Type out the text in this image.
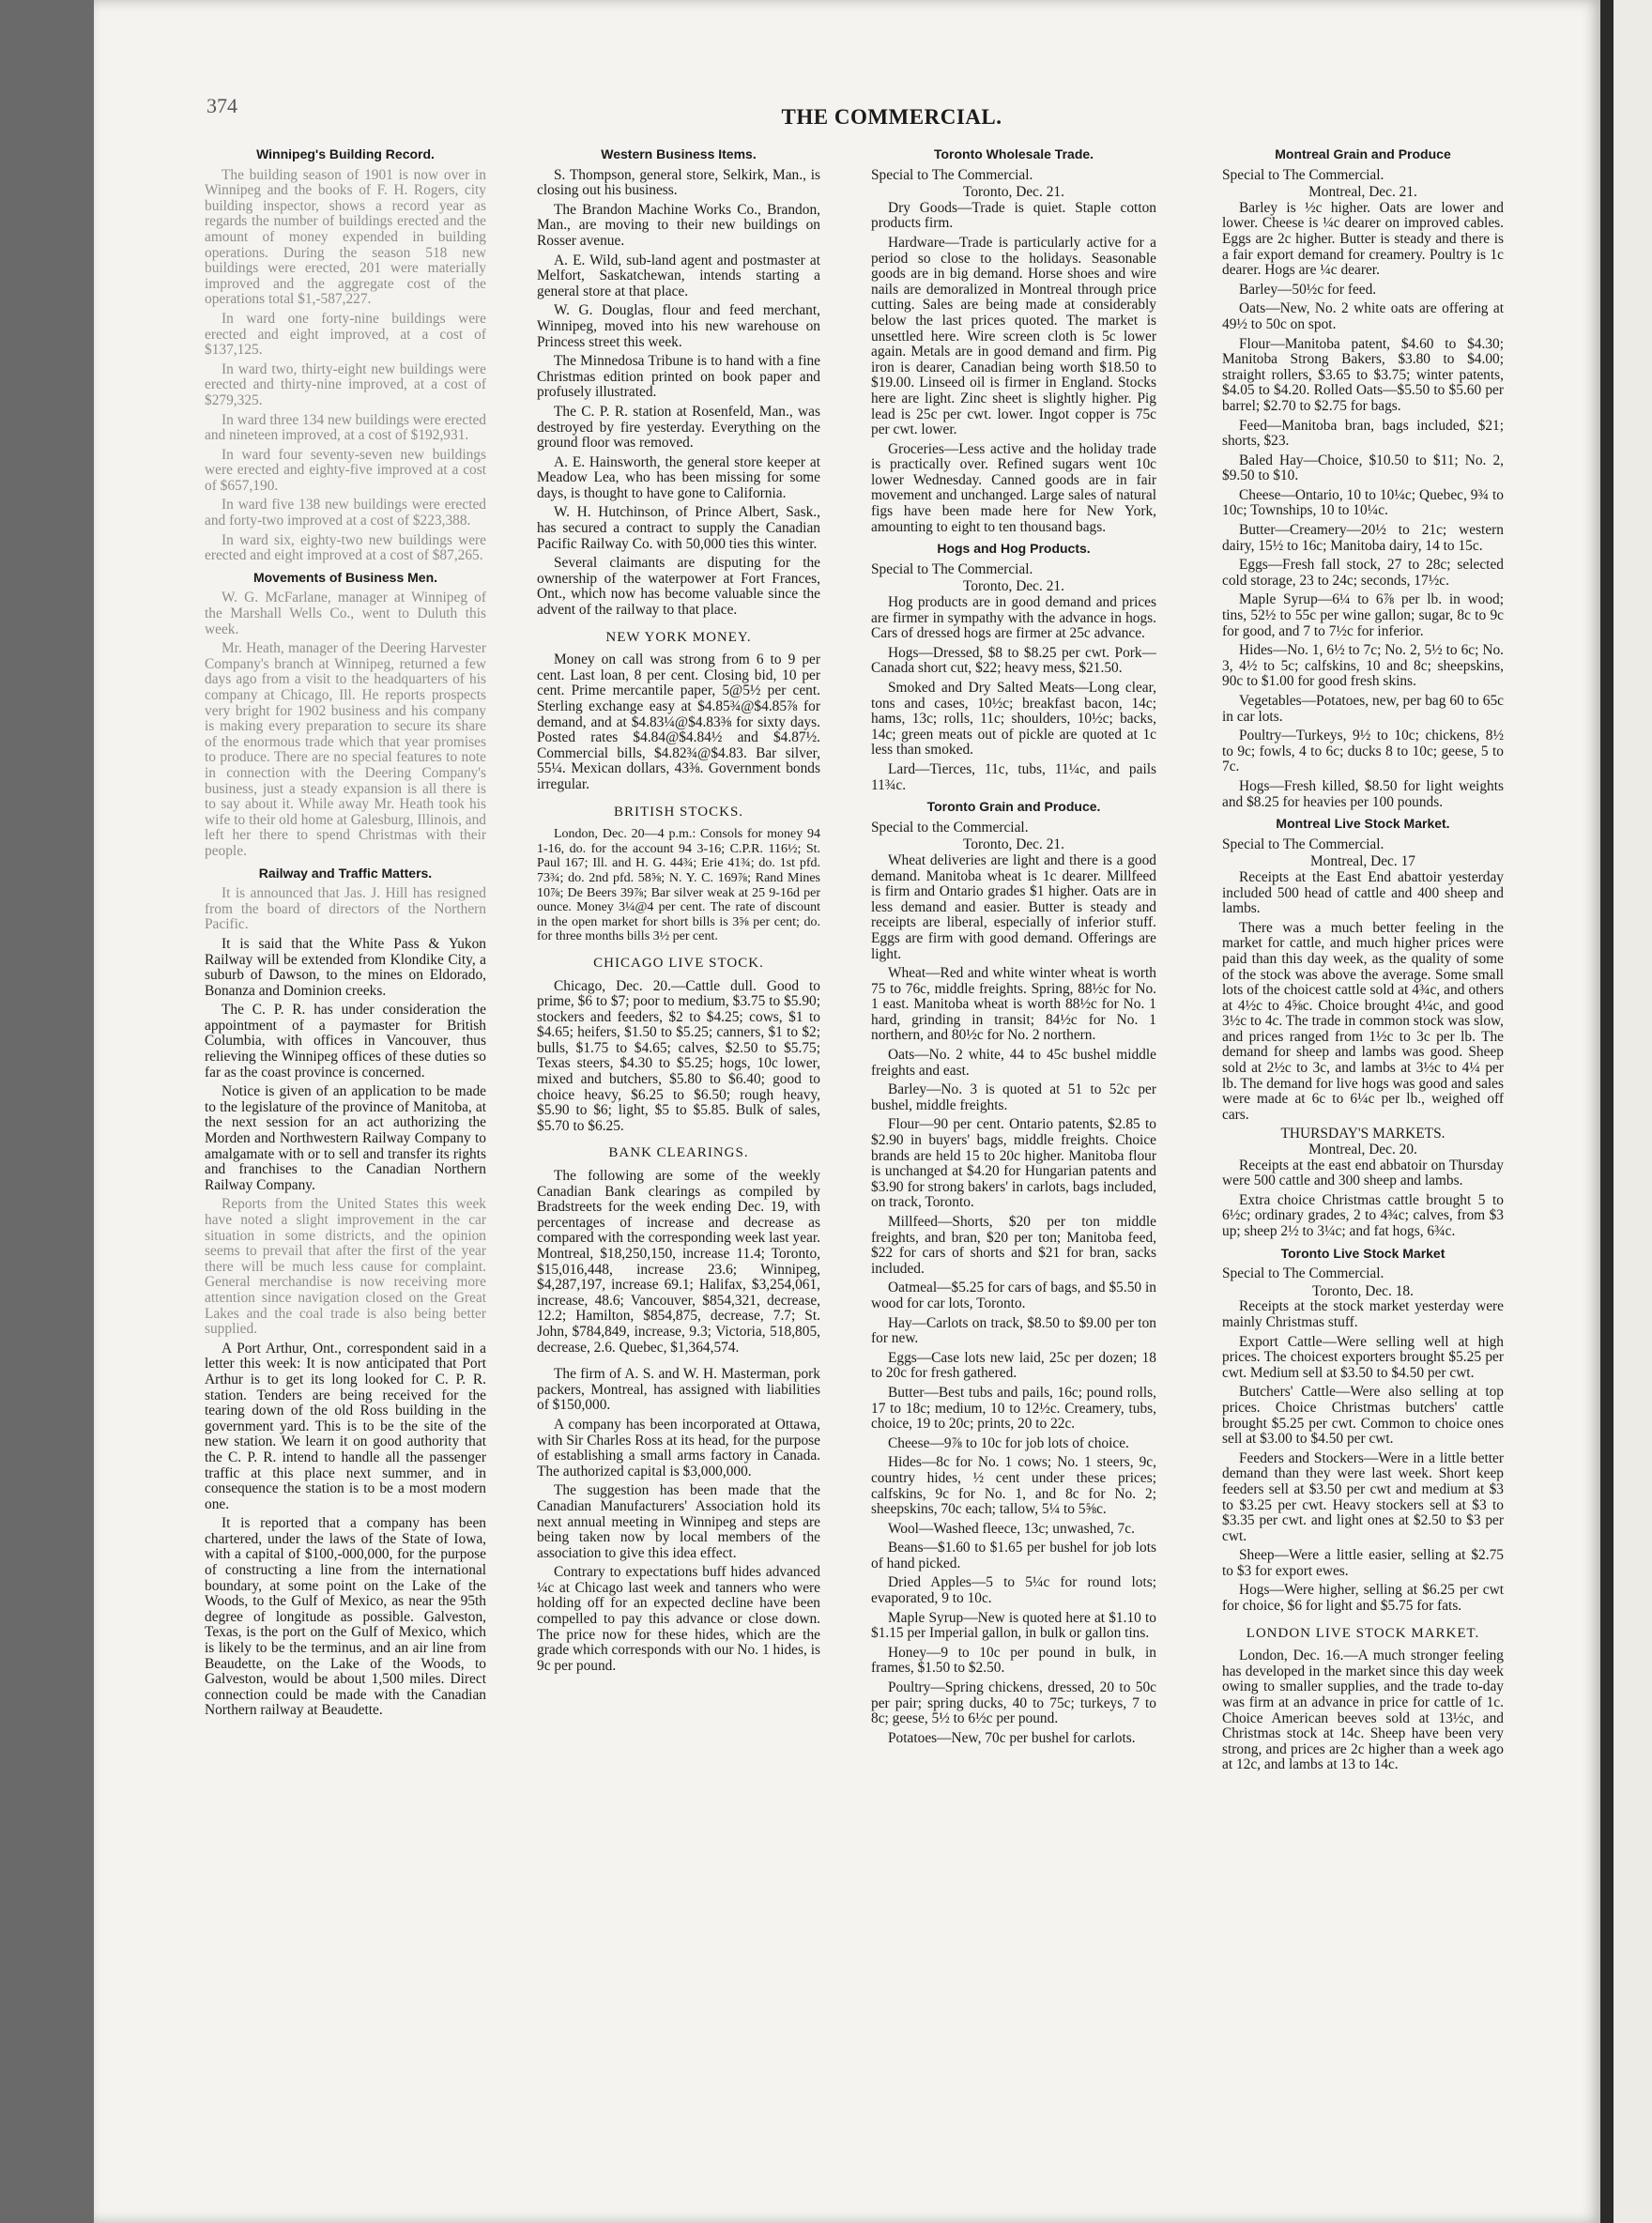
374	THE COMMERCIAL.
Winnipeg's Building Record.

The building season of 1901 is now over in Winnipeg and the books of F. H. Rogers, city building inspector, shows a record year as regards the number of buildings erected and the amount of money expended in building operations. During the season 518 new buildings were erected, 201 were materially improved and the aggregate cost of the operations total $1,-587,227.

In ward one forty-nine buildings were erected and eight improved, at a cost of $137,125.

In ward two, thirty-eight new buildings were erected and thirty-nine improved, at a cost of $279,325.

In ward three 134 new buildings were erected and nineteen improved, at a cost of $192,931.

In ward four seventy-seven new buildings were erected and eighty-five improved at a cost of $657,190.

In ward five 138 new buildings were erected and forty-two improved at a cost of $223,388.

In ward six, eighty-two new buildings were erected and eight improved at a cost of $87,265.

Movements of Business Men.

W. G. McFarlane, manager at Winnipeg of the Marshall Wells Co., went to Duluth this week.

Mr. Heath, manager of the Deering Harvester Company's branch at Winnipeg, returned a few days ago from a visit to the headquarters of his company at Chicago, Ill. He reports prospects very bright for 1902 business and his company is making every preparation to secure its share of the enormous trade which that year promises to produce. There are no special features to note in connection with the Deering Company's business, just a steady expansion is all there is to say about it. While away Mr. Heath took his wife to their old home at Galesburg, Illinois, and left her there to spend Christmas with their people.

Railway and Traffic Matters.

It is announced that Jas. J. Hill has resigned from the board of directors of the Northern Pacific.

It is said that the White Pass & Yukon Railway will be extended from Klondike City, a suburb of Dawson, to the mines on Eldorado, Bonanza and Dominion creeks.

The C. P. R. has under consideration the appointment of a paymaster for British Columbia, with offices in Vancouver, thus relieving the Winnipeg offices of these duties so far as the coast province is concerned.

Notice is given of an application to be made to the legislature of the province of Manitoba, at the next session for an act authorizing the Morden and Northwestern Railway Company to amalgamate with or to sell and transfer its rights and franchises to the Canadian Northern Railway Company.

Reports from the United States this week have noted a slight improvement in the car situation in some districts, and the opinion seems to prevail that after the first of the year there will be much less cause for complaint. General merchandise is now receiving more attention since navigation closed on the Great Lakes and the coal trade is also being better supplied.

A Port Arthur, Ont., correspondent said in a letter this week: It is now anticipated that Port Arthur is to get its long looked for C. P. R. station. Tenders are being received for the tearing down of the old Ross building in the government yard. This is to be the site of the new station. We learn it on good authority that the C. P. R. intend to handle all the passenger traffic at this place next summer, and in consequence the station is to be a most modern one.

It is reported that a company has been chartered, under the laws of the State of Iowa, with a capital of $100,-000,000, for the purpose of constructing a line from the international boundary, at some point on the Lake of the Woods, to the Gulf of Mexico, as near the 95th degree of longitude as possible. Galveston, Texas, is the port on the Gulf of Mexico, which is likely to be the terminus, and an air line from Beaudette, on the Lake of the Woods, to Galveston, would be about 1,500 miles. Direct connection could be made with the Canadian Northern railway at Beaudette.

Western Business Items.

S. Thompson, general store, Selkirk, Man., is closing out his business.

The Brandon Machine Works Co., Brandon, Man., are moving to their new buildings on Rosser avenue.

A. E. Wild, sub-land agent and postmaster at Melfort, Saskatchewan, intends starting a general store at that place.

W. G. Douglas, flour and feed merchant, Winnipeg, moved into his new warehouse on Princess street this week.

The Minnedosa Tribune is to hand with a fine Christmas edition printed on book paper and profusely illustrated.

The C. P. R. station at Rosenfeld, Man., was destroyed by fire yesterday. Everything on the ground floor was removed.

A. E. Hainsworth, the general store keeper at Meadow Lea, who has been missing for some days, is thought to have gone to California.

W. H. Hutchinson, of Prince Albert, Sask., has secured a contract to supply the Canadian Pacific Railway Co. with 50,000 ties this winter.

Several claimants are disputing for the ownership of the waterpower at Fort Frances, Ont., which now has become valuable since the advent of the railway to that place.

NEW YORK MONEY.

Money on call was strong from 6 to 9 per cent. Last loan, 8 per cent. Closing bid, 10 per cent. Prime mercantile paper, 5@5½ per cent. Sterling exchange easy at $4.85¾@$4.85⅞ for demand, and at $4.83¼@$4.83⅜ for sixty days. Posted rates $4.84@$4.84½ and $4.87½. Commercial bills, $4.82¾@$4.83. Bar silver, 55¼. Mexican dollars, 43⅜. Government bonds irregular.

BRITISH STOCKS.

London, Dec. 20—4 p.m.: Consols for money 94 1-16, do. for the account 94 3-16; C.P.R. 116½; St. Paul 167; Ill. and H. G. 44¾; Erie 41¾; do. 1st pfd. 73¾; do. 2nd pfd. 58⅝; N. Y. C. 169⅞; Rand Mines 10⅞; De Beers 39⅞; Bar silver weak at 25 9-16d per ounce. Money 3¼@4 per cent. The rate of discount in the open market for short bills is 3⅝ per cent; do. for three months bills 3½ per cent.

CHICAGO LIVE STOCK.

Chicago, Dec. 20.—Cattle dull. Good to prime, $6 to $7; poor to medium, $3.75 to $5.90; stockers and feeders, $2 to $4.25; cows, $1 to $4.65; heifers, $1.50 to $5.25; canners, $1 to $2; bulls, $1.75 to $4.65; calves, $2.50 to $5.75; Texas steers, $4.30 to $5.25; hogs, 10c lower, mixed and butchers, $5.80 to $6.40; good to choice heavy, $6.25 to $6.50; rough heavy, $5.90 to $6; light, $5 to $5.85. Bulk of sales, $5.70 to $6.25.

BANK CLEARINGS.

The following are some of the weekly Canadian Bank clearings as compiled by Bradstreets for the week ending Dec. 19, with percentages of increase and decrease as compared with the corresponding week last year. Montreal, $18,250,150, increase 11.4; Toronto, $15,016,448, increase 23.6; Winnipeg, $4,287,197, increase 69.1; Halifax, $3,254,061, increase, 48.6; Vancouver, $854,321, decrease, 12.2; Hamilton, $854,875, decrease, 7.7; St. John, $784,849, increase, 9.3; Victoria, 518,805, decrease, 2.6. Quebec, $1,364,574.

The firm of A. S. and W. H. Masterman, pork packers, Montreal, has assigned with liabilities of $150,000.

A company has been incorporated at Ottawa, with Sir Charles Ross at its head, for the purpose of establishing a small arms factory in Canada. The authorized capital is $3,000,000.

The suggestion has been made that the Canadian Manufacturers' Association hold its next annual meeting in Winnipeg and steps are being taken now by local members of the association to give this idea effect.

Contrary to expectations buff hides advanced ¼c at Chicago last week and tanners who were holding off for an expected decline have been compelled to pay this advance or close down. The price now for these hides, which are the grade which corresponds with our No. 1 hides, is 9c per pound.

Toronto Wholesale Trade.
Special to The Commercial.
Toronto, Dec. 21.

Dry Goods—Trade is quiet. Staple cotton products firm.

Hardware—Trade is particularly active for a period so close to the holidays. Seasonable goods are in big demand. Horse shoes and wire nails are demoralized in Montreal through price cutting. Sales are being made at considerably below the last prices quoted. The market is unsettled here. Wire screen cloth is 5c lower again. Metals are in good demand and firm. Pig iron is dearer, Canadian being worth $18.50 to $19.00. Linseed oil is firmer in England. Stocks here are light. Zinc sheet is slightly higher. Pig lead is 25c per cwt. lower. Ingot copper is 75c per cwt. lower.

Groceries—Less active and the holiday trade is practically over. Refined sugars went 10c lower Wednesday. Canned goods are in fair movement and unchanged. Large sales of natural figs have been made here for New York, amounting to eight to ten thousand bags.

Hogs and Hog Products.
Special to The Commercial.
Toronto, Dec. 21.

Hog products are in good demand and prices are firmer in sympathy with the advance in hogs. Cars of dressed hogs are firmer at 25c advance.

Hogs—Dressed, $8 to $8.25 per cwt. Pork—Canada short cut, $22; heavy mess, $21.50.

Smoked and Dry Salted Meats—Long clear, tons and cases, 10½c; breakfast bacon, 14c; hams, 13c; rolls, 11c; shoulders, 10½c; backs, 14c; green meats out of pickle are quoted at 1c less than smoked.

Lard—Tierces, 11c, tubs, 11¼c, and pails 11¾c.

Toronto Grain and Produce.
Special to the Commercial.
Toronto, Dec. 21.

Wheat deliveries are light and there is a good demand. Manitoba wheat is 1c dearer. Millfeed is firm and Ontario grades $1 higher. Oats are in less demand and easier. Butter is steady and receipts are liberal, especially of inferior stuff. Eggs are firm with good demand. Offerings are light.

Wheat—Red and white winter wheat is worth 75 to 76c, middle freights. Spring, 88½c for No. 1 east. Manitoba wheat is worth 88½c for No. 1 hard, grinding in transit; 84½c for No. 1 northern, and 80½c for No. 2 northern.

Oats—No. 2 white, 44 to 45c bushel middle freights and east.

Barley—No. 3 is quoted at 51 to 52c per bushel, middle freights.

Flour—90 per cent. Ontario patents, $2.85 to $2.90 in buyers' bags, middle freights. Choice brands are held 15 to 20c higher. Manitoba flour is unchanged at $4.20 for Hungarian patents and $3.90 for strong bakers' in carlots, bags included, on track, Toronto.

Millfeed—Shorts, $20 per ton middle freights, and bran, $20 per ton; Manitoba feed, $22 for cars of shorts and $21 for bran, sacks included.

Oatmeal—$5.25 for cars of bags, and $5.50 in wood for car lots, Toronto.

Hay—Carlots on track, $8.50 to $9.00 per ton for new.

Eggs—Case lots new laid, 25c per dozen; 18 to 20c for fresh gathered.

Butter—Best tubs and pails, 16c; pound rolls, 17 to 18c; medium, 10 to 12½c. Creamery, tubs, choice, 19 to 20c; prints, 20 to 22c.

Cheese—9⅞ to 10c for job lots of choice.

Hides—8c for No. 1 cows; No. 1 steers, 9c, country hides, ½ cent under these prices; calfskins, 9c for No. 1, and 8c for No. 2; sheepskins, 70c each; tallow, 5¼ to 5⅝c.

Wool—Washed fleece, 13c; unwashed, 7c.

Beans—$1.60 to $1.65 per bushel for job lots of hand picked.

Dried Apples—5 to 5¼c for round lots; evaporated, 9 to 10c.

Maple Syrup—New is quoted here at $1.10 to $1.15 per Imperial gallon, in bulk or gallon tins.

Honey—9 to 10c per pound in bulk, in frames, $1.50 to $2.50.

Poultry—Spring chickens, dressed, 20 to 50c per pair; spring ducks, 40 to 75c; turkeys, 7 to 8c; geese, 5½ to 6½c per pound.

Potatoes—New, 70c per bushel for carlots.

Montreal Grain and Produce
Special to The Commercial.
Montreal, Dec. 21.

Barley is ½c higher. Oats are lower and lower. Cheese is ¼c dearer on improved cables. Eggs are 2c higher. Butter is steady and there is a fair export demand for creamery. Poultry is 1c dearer. Hogs are ¼c dearer.

Barley—50½c for feed.

Oats—New, No. 2 white oats are offering at 49½ to 50c on spot.

Flour—Manitoba patent, $4.60 to $4.30; Manitoba Strong Bakers, $3.80 to $4.00; straight rollers, $3.65 to $3.75; winter patents, $4.05 to $4.20. Rolled Oats—$5.50 to $5.60 per barrel; $2.70 to $2.75 for bags.

Feed—Manitoba bran, bags included, $21; shorts, $23.

Baled Hay—Choice, $10.50 to $11; No. 2, $9.50 to $10.

Cheese—Ontario, 10 to 10¼c; Quebec, 9¾ to 10c; Townships, 10 to 10¼c.

Butter—Creamery—20½ to 21c; western dairy, 15½ to 16c; Manitoba dairy, 14 to 15c.

Eggs—Fresh fall stock, 27 to 28c; selected cold storage, 23 to 24c; seconds, 17½c.

Maple Syrup—6¼ to 6⅞ per lb. in wood; tins, 52½ to 55c per wine gallon; sugar, 8c to 9c for good, and 7 to 7½c for inferior.

Hides—No. 1, 6½ to 7c; No. 2, 5½ to 6c; No. 3, 4½ to 5c; calfskins, 10 and 8c; sheepskins, 90c to $1.00 for good fresh skins.

Vegetables—Potatoes, new, per bag 60 to 65c in car lots.

Poultry—Turkeys, 9½ to 10c; chickens, 8½ to 9c; fowls, 4 to 6c; ducks 8 to 10c; geese, 5 to 7c.

Hogs—Fresh killed, $8.50 for light weights and $8.25 for heavies per 100 pounds.

Montreal Live Stock Market.
Special to The Commercial.
Montreal, Dec. 17

Receipts at the East End abattoir yesterday included 500 head of cattle and 400 sheep and lambs.

There was a much better feeling in the market for cattle, and much higher prices were paid than this day week, as the quality of some of the stock was above the average. Some small lots of the choicest cattle sold at 4¾c, and others at 4½c to 4⅝c. Choice brought 4¼c, and good 3½c to 4c. The trade in common stock was slow, and prices ranged from 1½c to 3c per lb. The demand for sheep and lambs was good. Sheep sold at 2½c to 3c, and lambs at 3½c to 4¼ per lb. The demand for live hogs was good and sales were made at 6c to 6¼c per lb., weighed off cars.

THURSDAY'S MARKETS.
Montreal, Dec. 20.

Receipts at the east end abbatoir on Thursday were 500 cattle and 300 sheep and lambs.

Extra choice Christmas cattle brought 5 to 6½c; ordinary grades, 2 to 4¾c; calves, from $3 up; sheep 2½ to 3¼c; and fat hogs, 6¾c.

Toronto Live Stock Market
Special to The Commercial.
Toronto, Dec. 18.

Receipts at the stock market yesterday were mainly Christmas stuff.

Export Cattle—Were selling well at high prices. The choicest exporters brought $5.25 per cwt. Medium sell at $3.50 to $4.50 per cwt.

Butchers' Cattle—Were also selling at top prices. Choice Christmas butchers' cattle brought $5.25 per cwt. Common to choice ones sell at $3.00 to $4.50 per cwt.

Feeders and Stockers—Were in a little better demand than they were last week. Short keep feeders sell at $3.50 per cwt and medium at $3 to $3.25 per cwt. Heavy stockers sell at $3 to $3.35 per cwt. and light ones at $2.50 to $3 per cwt.

Sheep—Were a little easier, selling at $2.75 to $3 for export ewes.

Hogs—Were higher, selling at $6.25 per cwt for choice, $6 for light and $5.75 for fats.

LONDON LIVE STOCK MARKET.

London, Dec. 16.—A much stronger feeling has developed in the market since this day week owing to smaller supplies, and the trade to-day was firm at an advance in price for cattle of 1c. Choice American beeves sold at 13½c, and Christmas stock at 14c. Sheep have been very strong, and prices are 2c higher than a week ago at 12c, and lambs at 13 to 14c.
